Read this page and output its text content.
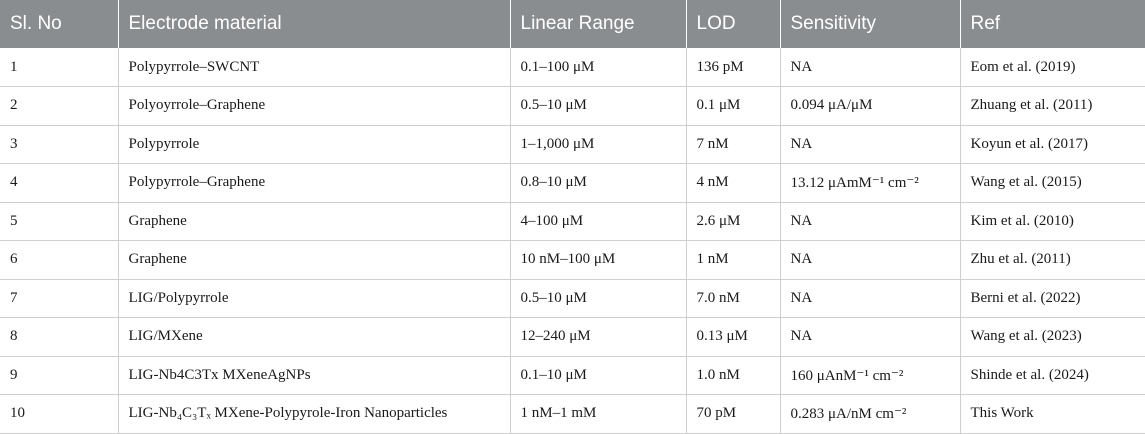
Sl. No	Electrode material	Linear Range	LOD	Sensitivity	Ref
1	Polypyrrole–SWCNT	0.1–100 μM	136 pM	NA	Eom et al. (2019)
2	Polyoyrrole–Graphene	0.5–10 μM	0.1 μM	0.094 μA/μM	Zhuang et al. (2011)
3	Polypyrrole	1–1,000 μM	7 nM	NA	Koyun et al. (2017)
4	Polypyrrole–Graphene	0.8–10 μM	4 nM	13.12 μAmM⁻¹ cm⁻²	Wang et al. (2015)
5	Graphene	4–100 μM	2.6 μM	NA	Kim et al. (2010)
6	Graphene	10 nM–100 μM	1 nM	NA	Zhu et al. (2011)
7	LIG/Polypyrrole	0.5–10 μM	7.0 nM	NA	Berni et al. (2022)
8	LIG/MXene	12–240 μM	0.13 μM	NA	Wang et al. (2023)
9	LIG-Nb4C3Tx MXeneAgNPs	0.1–10 μM	1.0 nM	160 μAnM⁻¹ cm⁻²	Shinde et al. (2024)
10	LIG-Nb₄C₃Tₓ MXene-Polypyrole-Iron Nanoparticles	1 nM–1 mM	70 pM	0.283 μA/nM cm⁻²	This Work
